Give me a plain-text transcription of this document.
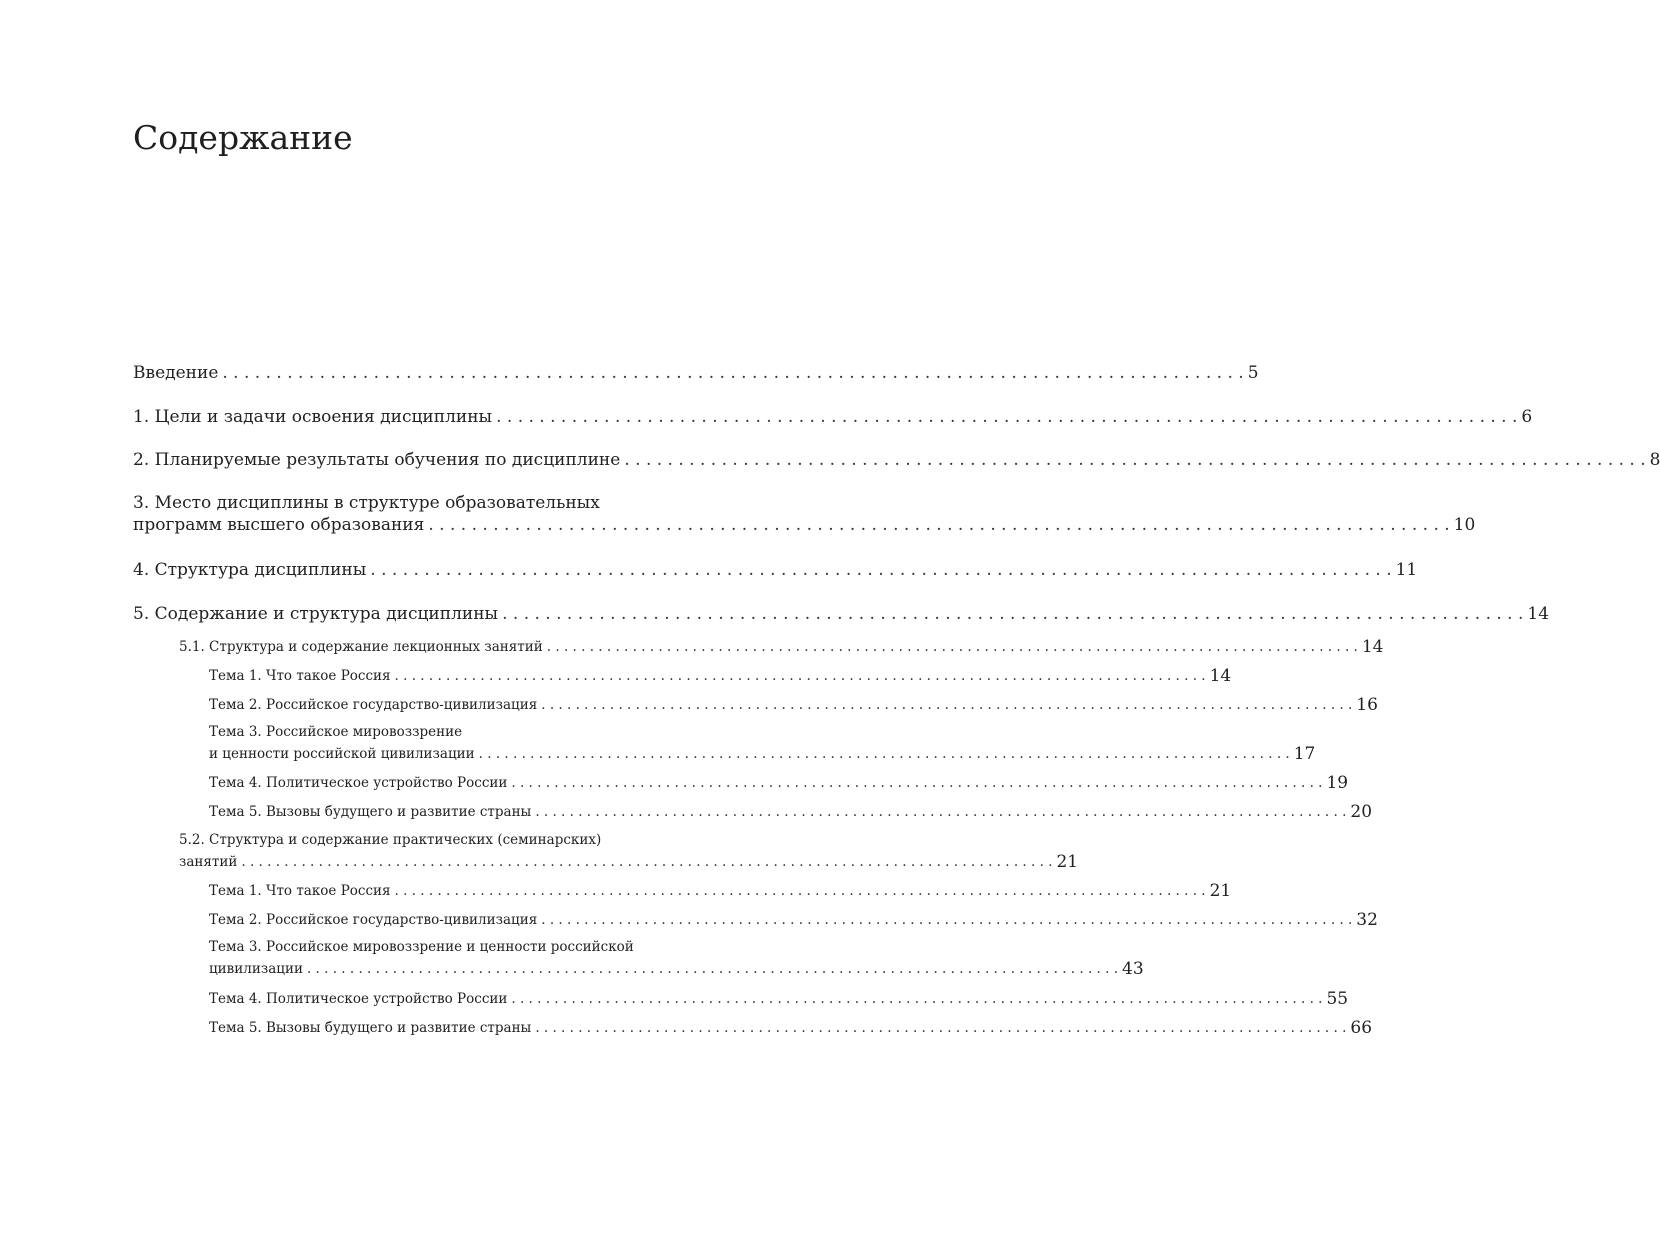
Содержание
Введение . . . . . . . . . . . . . . . . . . . . . . . . . . . . . . . . . . . . . . . . . . . . . . . . . . . . . . . . . . . . . . . . . . . . . . . . . . . . . . . . . . . . . . . . . . . . . . . 5
1. Цели и задачи освоения дисциплины . . . . . . . . . . . . . . . . . . . . . . . . . . . . . . . . . . . . . . . . . . . . . . . . . . . . . . . . . . . . . . . . . . . . . . . . . . . . . . . . . . . . . . . . . . . . . . . 6
2. Планируемые результаты обучения по дисциплине . . . . . . . . . . . . . . . . . . . . . . . . . . . . . . . . . . . . . . . . . . . . . . . . . . . . . . . . . . . . . . . . . . . . . . . . . . . . . . . . . . . . . . . . . . . . . . . 8
3. Место дисциплины в структуре образовательных
программ высшего образования . . . . . . . . . . . . . . . . . . . . . . . . . . . . . . . . . . . . . . . . . . . . . . . . . . . . . . . . . . . . . . . . . . . . . . . . . . . . . . . . . . . . . . . . . . . . . . . 10
4. Структура дисциплины . . . . . . . . . . . . . . . . . . . . . . . . . . . . . . . . . . . . . . . . . . . . . . . . . . . . . . . . . . . . . . . . . . . . . . . . . . . . . . . . . . . . . . . . . . . . . . . 11
5. Содержание и структура дисциплины . . . . . . . . . . . . . . . . . . . . . . . . . . . . . . . . . . . . . . . . . . . . . . . . . . . . . . . . . . . . . . . . . . . . . . . . . . . . . . . . . . . . . . . . . . . . . . . 14
5.1. Структура и содержание лекционных занятий . . . . . . . . . . . . . . . . . . . . . . . . . . . . . . . . . . . . . . . . . . . . . . . . . . . . . . . . . . . . . . . . . . . . . . . . . . . . . . . . . . . . . . . . . . . . . . . 14
Тема 1. Что такое Россия . . . . . . . . . . . . . . . . . . . . . . . . . . . . . . . . . . . . . . . . . . . . . . . . . . . . . . . . . . . . . . . . . . . . . . . . . . . . . . . . . . . . . . . . . . . . . . . 14
Тема 2. Российское государство-цивилизация . . . . . . . . . . . . . . . . . . . . . . . . . . . . . . . . . . . . . . . . . . . . . . . . . . . . . . . . . . . . . . . . . . . . . . . . . . . . . . . . . . . . . . . . . . . . . . . 16
Тема 3. Российское мировоззрение
и ценности российской цивилизации . . . . . . . . . . . . . . . . . . . . . . . . . . . . . . . . . . . . . . . . . . . . . . . . . . . . . . . . . . . . . . . . . . . . . . . . . . . . . . . . . . . . . . . . . . . . . . . 17
Тема 4. Политическое устройство России . . . . . . . . . . . . . . . . . . . . . . . . . . . . . . . . . . . . . . . . . . . . . . . . . . . . . . . . . . . . . . . . . . . . . . . . . . . . . . . . . . . . . . . . . . . . . . . 19
Тема 5. Вызовы будущего и развитие страны . . . . . . . . . . . . . . . . . . . . . . . . . . . . . . . . . . . . . . . . . . . . . . . . . . . . . . . . . . . . . . . . . . . . . . . . . . . . . . . . . . . . . . . . . . . . . . . 20
5.2. Структура и содержание практических (семинарских)
занятий . . . . . . . . . . . . . . . . . . . . . . . . . . . . . . . . . . . . . . . . . . . . . . . . . . . . . . . . . . . . . . . . . . . . . . . . . . . . . . . . . . . . . . . . . . . . . . . 21
Тема 1. Что такое Россия . . . . . . . . . . . . . . . . . . . . . . . . . . . . . . . . . . . . . . . . . . . . . . . . . . . . . . . . . . . . . . . . . . . . . . . . . . . . . . . . . . . . . . . . . . . . . . . 21
Тема 2. Российское государство-цивилизация . . . . . . . . . . . . . . . . . . . . . . . . . . . . . . . . . . . . . . . . . . . . . . . . . . . . . . . . . . . . . . . . . . . . . . . . . . . . . . . . . . . . . . . . . . . . . . . 32
Тема 3. Российское мировоззрение и ценности российской
цивилизации . . . . . . . . . . . . . . . . . . . . . . . . . . . . . . . . . . . . . . . . . . . . . . . . . . . . . . . . . . . . . . . . . . . . . . . . . . . . . . . . . . . . . . . . . . . . . . . 43
Тема 4. Политическое устройство России . . . . . . . . . . . . . . . . . . . . . . . . . . . . . . . . . . . . . . . . . . . . . . . . . . . . . . . . . . . . . . . . . . . . . . . . . . . . . . . . . . . . . . . . . . . . . . . 55
Тема 5. Вызовы будущего и развитие страны . . . . . . . . . . . . . . . . . . . . . . . . . . . . . . . . . . . . . . . . . . . . . . . . . . . . . . . . . . . . . . . . . . . . . . . . . . . . . . . . . . . . . . . . . . . . . . . 66
